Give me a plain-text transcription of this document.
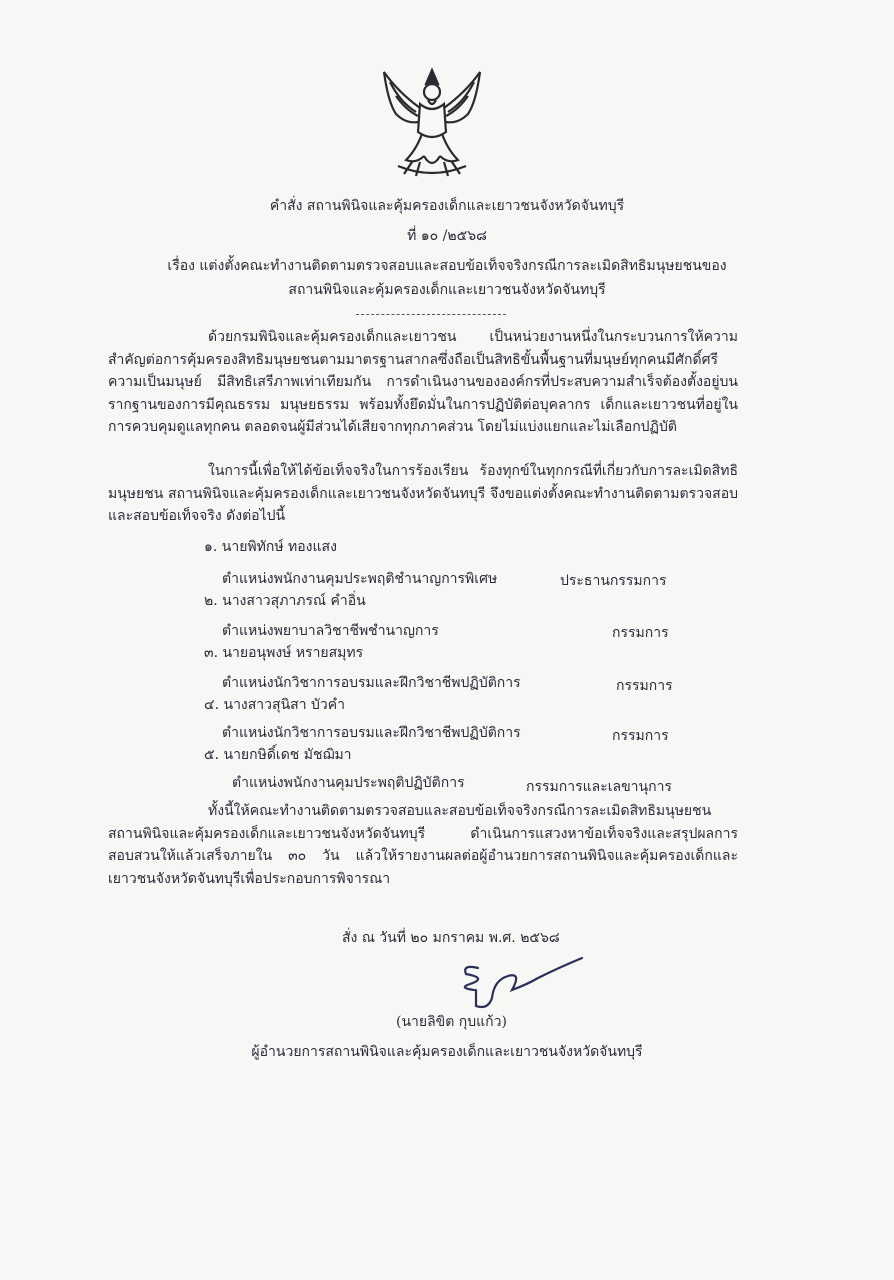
คำสั่ง สถานพินิจและคุ้มครองเด็กและเยาวชนจังหวัดจันทบุรี
ที่ ๑๐ /๒๕๖๘
เรื่อง แต่งตั้งคณะทำงานติดตามตรวจสอบและสอบข้อเท็จจริงกรณีการละเมิดสิทธิมนุษยชนของ
สถานพินิจและคุ้มครองเด็กและเยาวชนจังหวัดจันทบุรี

ด้วยกรมพินิจและคุ้มครองเด็กและเยาวชน เป็นหน่วยงานหนึ่งในกระบวนการให้ความสำคัญต่อการคุ้มครองสิทธิมนุษยชนตามมาตรฐานสากลซึ่งถือเป็นสิทธิขั้นพื้นฐานที่มนุษย์ทุกคนมีศักดิ์ศรีความเป็นมนุษย์ มีสิทธิเสรีภาพเท่าเทียมกัน การดำเนินงานขององค์กรที่ประสบความสำเร็จต้องตั้งอยู่บนรากฐานของการมีคุณธรรม มนุษยธรรม พร้อมทั้งยึดมั่นในการปฏิบัติต่อบุคลากร เด็กและเยาวชนที่อยู่ในการควบคุมดูแลทุกคน ตลอดจนผู้มีส่วนได้เสียจากทุกภาคส่วน โดยไม่แบ่งแยกและไม่เลือกปฏิบัติ

ในการนี้เพื่อให้ได้ข้อเท็จจริงในการร้องเรียน ร้องทุกข์ในทุกกรณีที่เกี่ยวกับการละเมิดสิทธิมนุษยชน สถานพินิจและคุ้มครองเด็กและเยาวชนจังหวัดจันทบุรี จึงขอแต่งตั้งคณะทำงานติดตามตรวจสอบและสอบข้อเท็จจริง ดังต่อไปนี้

๑. นายพิทักษ์ ทองแสง
ตำแหน่งพนักงานคุมประพฤติชำนาญการพิเศษ	ประธานกรรมการ
๒. นางสาวสุภาภรณ์ คำอิ่น
ตำแหน่งพยาบาลวิชาชีพชำนาญการ	กรรมการ
๓. นายอนุพงษ์ หรายสมุทร
ตำแหน่งนักวิชาการอบรมและฝึกวิชาชีพปฏิบัติการ	กรรมการ
๔. นางสาวสุนิสา บัวคำ
ตำแหน่งนักวิชาการอบรมและฝึกวิชาชีพปฏิบัติการ	กรรมการ
๕. นายกษิดิ์เดช มัชฌิมา
ตำแหน่งพนักงานคุมประพฤติปฏิบัติการ	กรรมการและเลขานุการ

ทั้งนี้ให้คณะทำงานติดตามตรวจสอบและสอบข้อเท็จจริงกรณีการละเมิดสิทธิมนุษยชนสถานพินิจและคุ้มครองเด็กและเยาวชนจังหวัดจันทบุรี ดำเนินการแสวงหาข้อเท็จจริงและสรุปผลการสอบสวนให้แล้วเสร็จภายใน ๓๐ วัน แล้วให้รายงานผลต่อผู้อำนวยการสถานพินิจและคุ้มครองเด็กและเยาวชนจังหวัดจันทบุรีเพื่อประกอบการพิจารณา

สั่ง ณ วันที่ ๒๐ มกราคม พ.ศ. ๒๕๖๘
(นายลิขิต กุบแก้ว)
ผู้อำนวยการสถานพินิจและคุ้มครองเด็กและเยาวชนจังหวัดจันทบุรี
